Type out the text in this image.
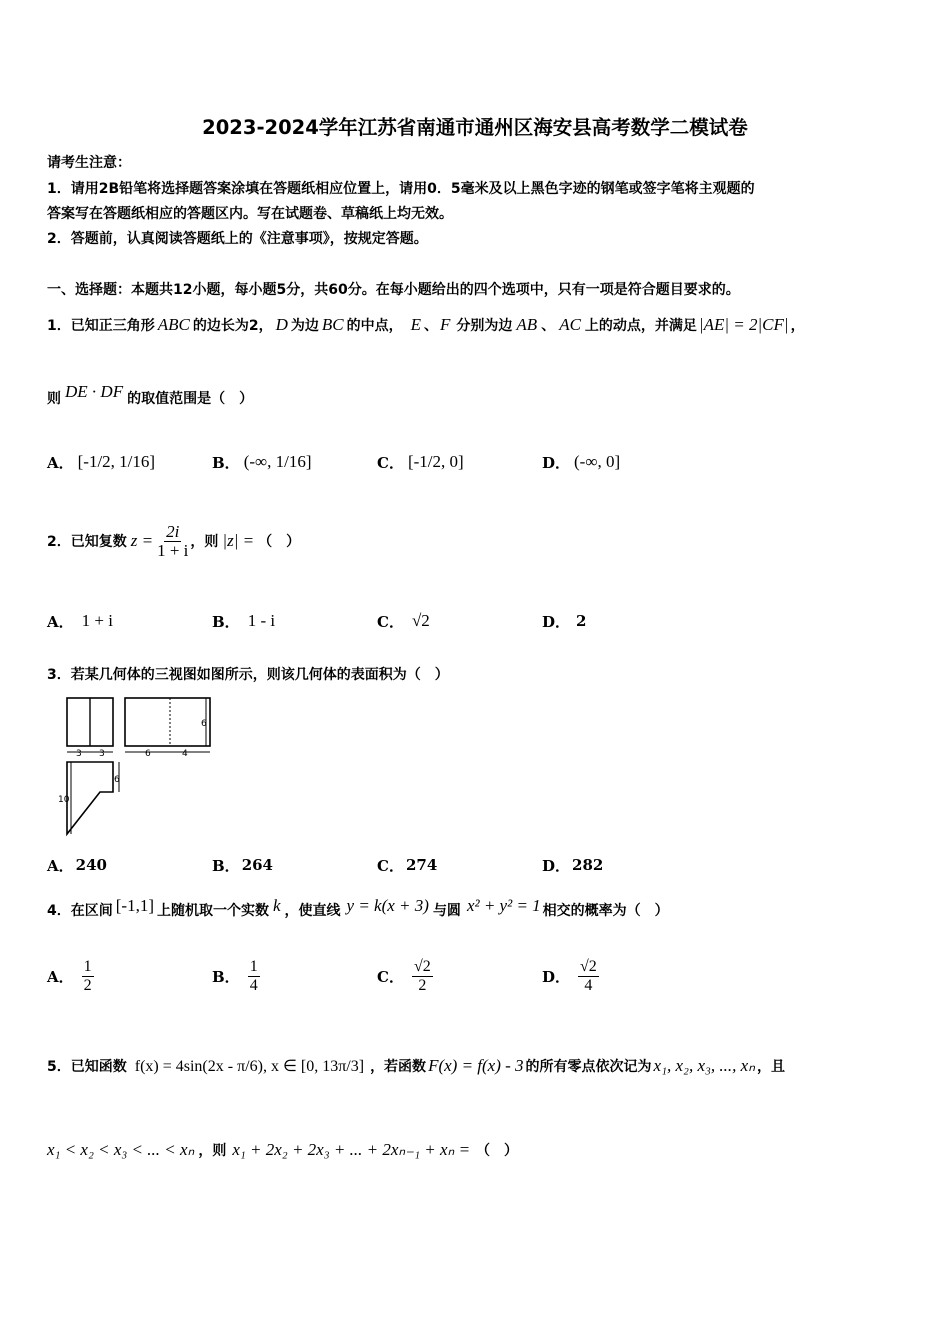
2023-2024学年江苏省南通市通州区海安县高考数学二模试卷
请考生注意：
1．请用2B铅笔将选择题答案涂填在答题纸相应位置上，请用0．5毫米及以上黑色字迹的钢笔或签字笔将主观题的
答案写在答题纸相应的答题区内。写在试题卷、草稿纸上均无效。
2．答题前，认真阅读答题纸上的《注意事项》，按规定答题。
一、选择题：本题共12小题，每小题5分，共60分。在每小题给出的四个选项中，只有一项是符合题目要求的。
1．已知正三角形 ABC 的边长为2， D 为边 BC 的中点， E 、 F 分别为边 AB 、 AC 上的动点，并满足 |AE| = 2|CF| ，
则 DE · DF 的取值范围是（　）
A． [-1/2, 1/16]	B． (-∞, 1/16]	C． [-1/2, 0]	D． (-∞, 0]
2．已知复数 $z = \frac{2i}{1 + i}$ ，则 |z| = （　）
A． 1 + i	B． 1 - i	C． √2	D． 2
3．若某几何体的三视图如图所示，则该几何体的表面积为（　）
3 3	6	4
6
10
6
A． 240	B． 264	C． 274	D． 282
4．在区间 [-1,1] 上随机取一个实数 k ，使直线 y = k(x + 3) 与圆 x² + y² = 1 相交的概率为（　）
A． $\frac{1}{2}$	B． $\frac{1}{4}$	C． $\frac{√2}{2}$	D． $\frac{√2}{4}$
5．已知函数 f(x) = 4sin(2x - π/6), x ∈ [0, 13π/3] ，若函数 F(x) = f(x) - 3 的所有零点依次记为 x₁, x₂, x₃, ..., xₙ ，且
x₁ < x₂ < x₃ < ... < xₙ ，则 x₁ + 2x₂ + 2x₃ + ... + 2xₙ₋₁ + xₙ = （　）
